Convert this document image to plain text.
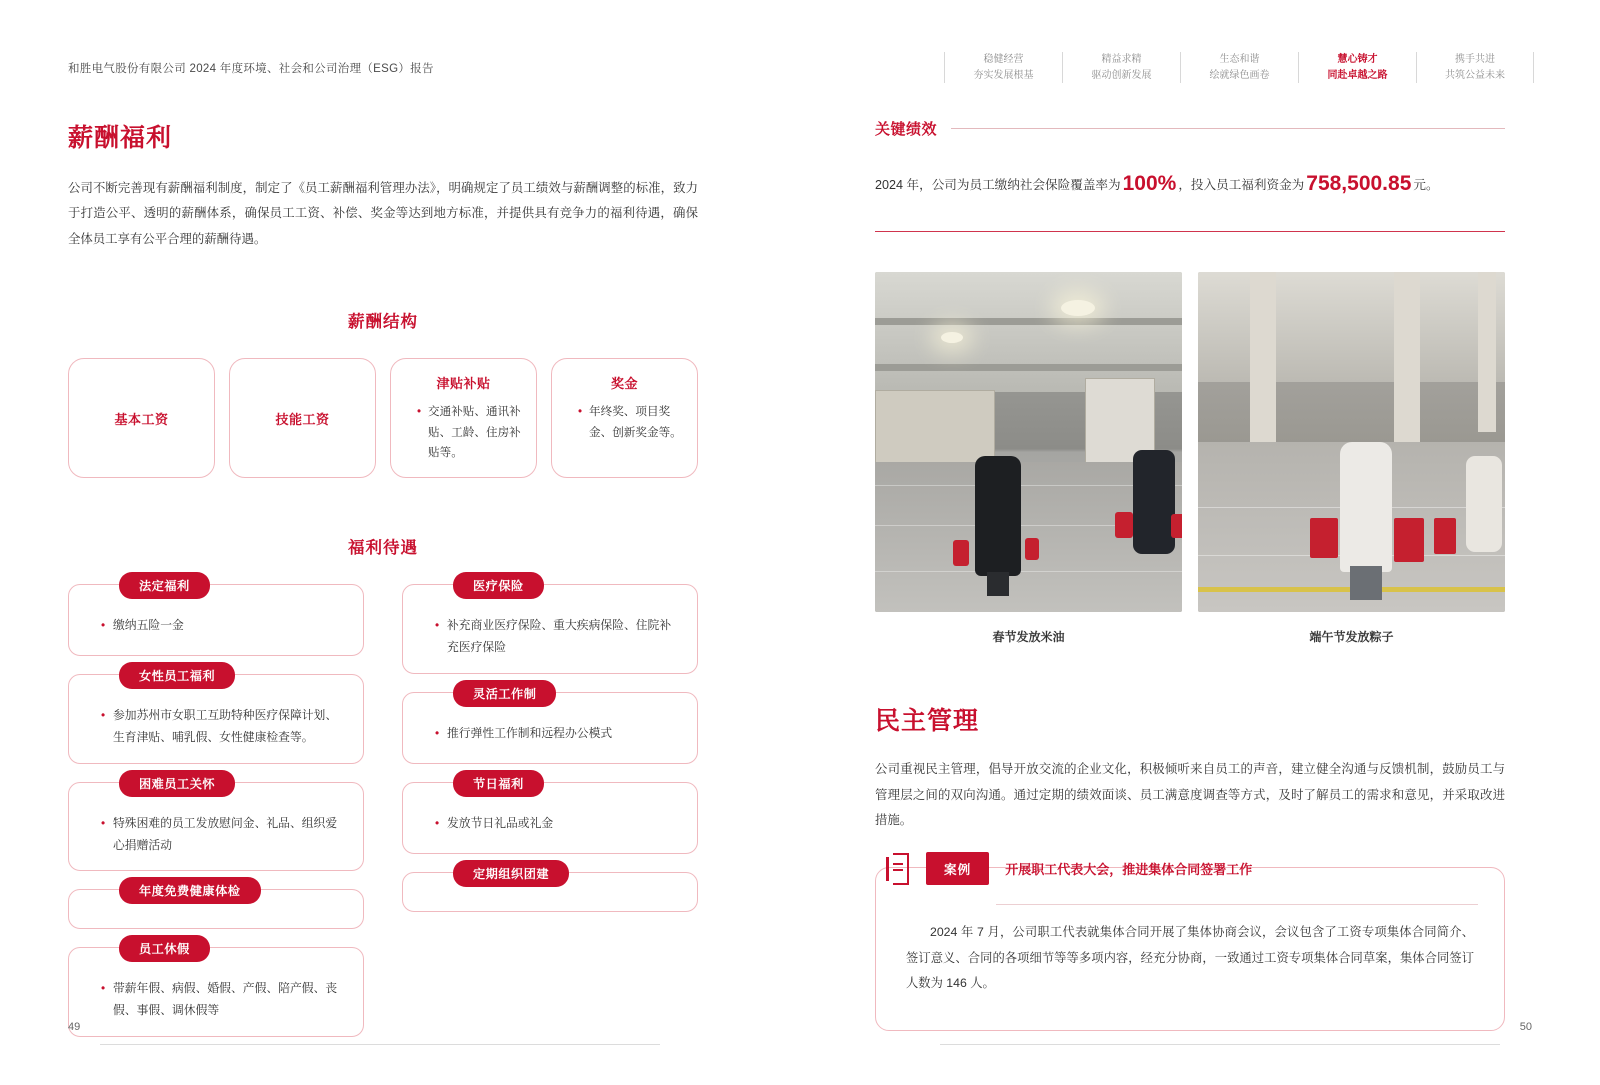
和胜电气股份有限公司 2024 年度环境、社会和公司治理（ESG）报告
稳健经营
夯实发展根基
精益求精
驱动创新发展
生态和谐
绘就绿色画卷
慧心铸才
同赴卓越之路
携手共进
共筑公益未来
薪酬福利

公司不断完善现有薪酬福利制度，制定了《员工薪酬福利管理办法》，明确规定了员工绩效与薪酬调整的标准，致力于打造公平、透明的薪酬体系，确保员工工资、补偿、奖金等达到地方标准，并提供具有竞争力的福利待遇，确保全体员工享有公平合理的薪酬待遇。

薪酬结构
基本工资	技能工资
津贴补贴
• 交通补贴、通讯补贴、工龄、住房补贴等。
奖金
• 年终奖、项目奖金、创新奖金等。
福利待遇
法定福利
• 缴纳五险一金
女性员工福利
• 参加苏州市女职工互助特种医疗保障计划、生育津贴、哺乳假、女性健康检查等。
困难员工关怀
• 特殊困难的员工发放慰问金、礼品、组织爱心捐赠活动
年度免费健康体检
员工休假
• 带薪年假、病假、婚假、产假、陪产假、丧假、事假、调休假等
医疗保险
• 补充商业医疗保险、重大疾病保险、住院补充医疗保险
灵活工作制
• 推行弹性工作制和远程办公模式
节日福利
• 发放节日礼品或礼金
定期组织团建
关键绩效
2024 年，公司为员工缴纳社会保险覆盖率为100% ，投入员工福利资金为758,500.85 元。
春节发放米油	端午节发放粽子
民主管理

公司重视民主管理，倡导开放交流的企业文化，积极倾听来自员工的声音，建立健全沟通与反馈机制，鼓励员工与管理层之间的双向沟通。通过定期的绩效面谈、员工满意度调查等方式，及时了解员工的需求和意见，并采取改进措施。

案例	开展职工代表大会，推进集体合同签署工作
2024 年 7 月，公司职工代表就集体合同开展了集体协商会议，会议包含了工资专项集体合同简介、签订意义、合同的各项细节等等多项内容，经充分协商，一致通过工资专项集体合同草案，集体合同签订人数为 146 人。
49	50
